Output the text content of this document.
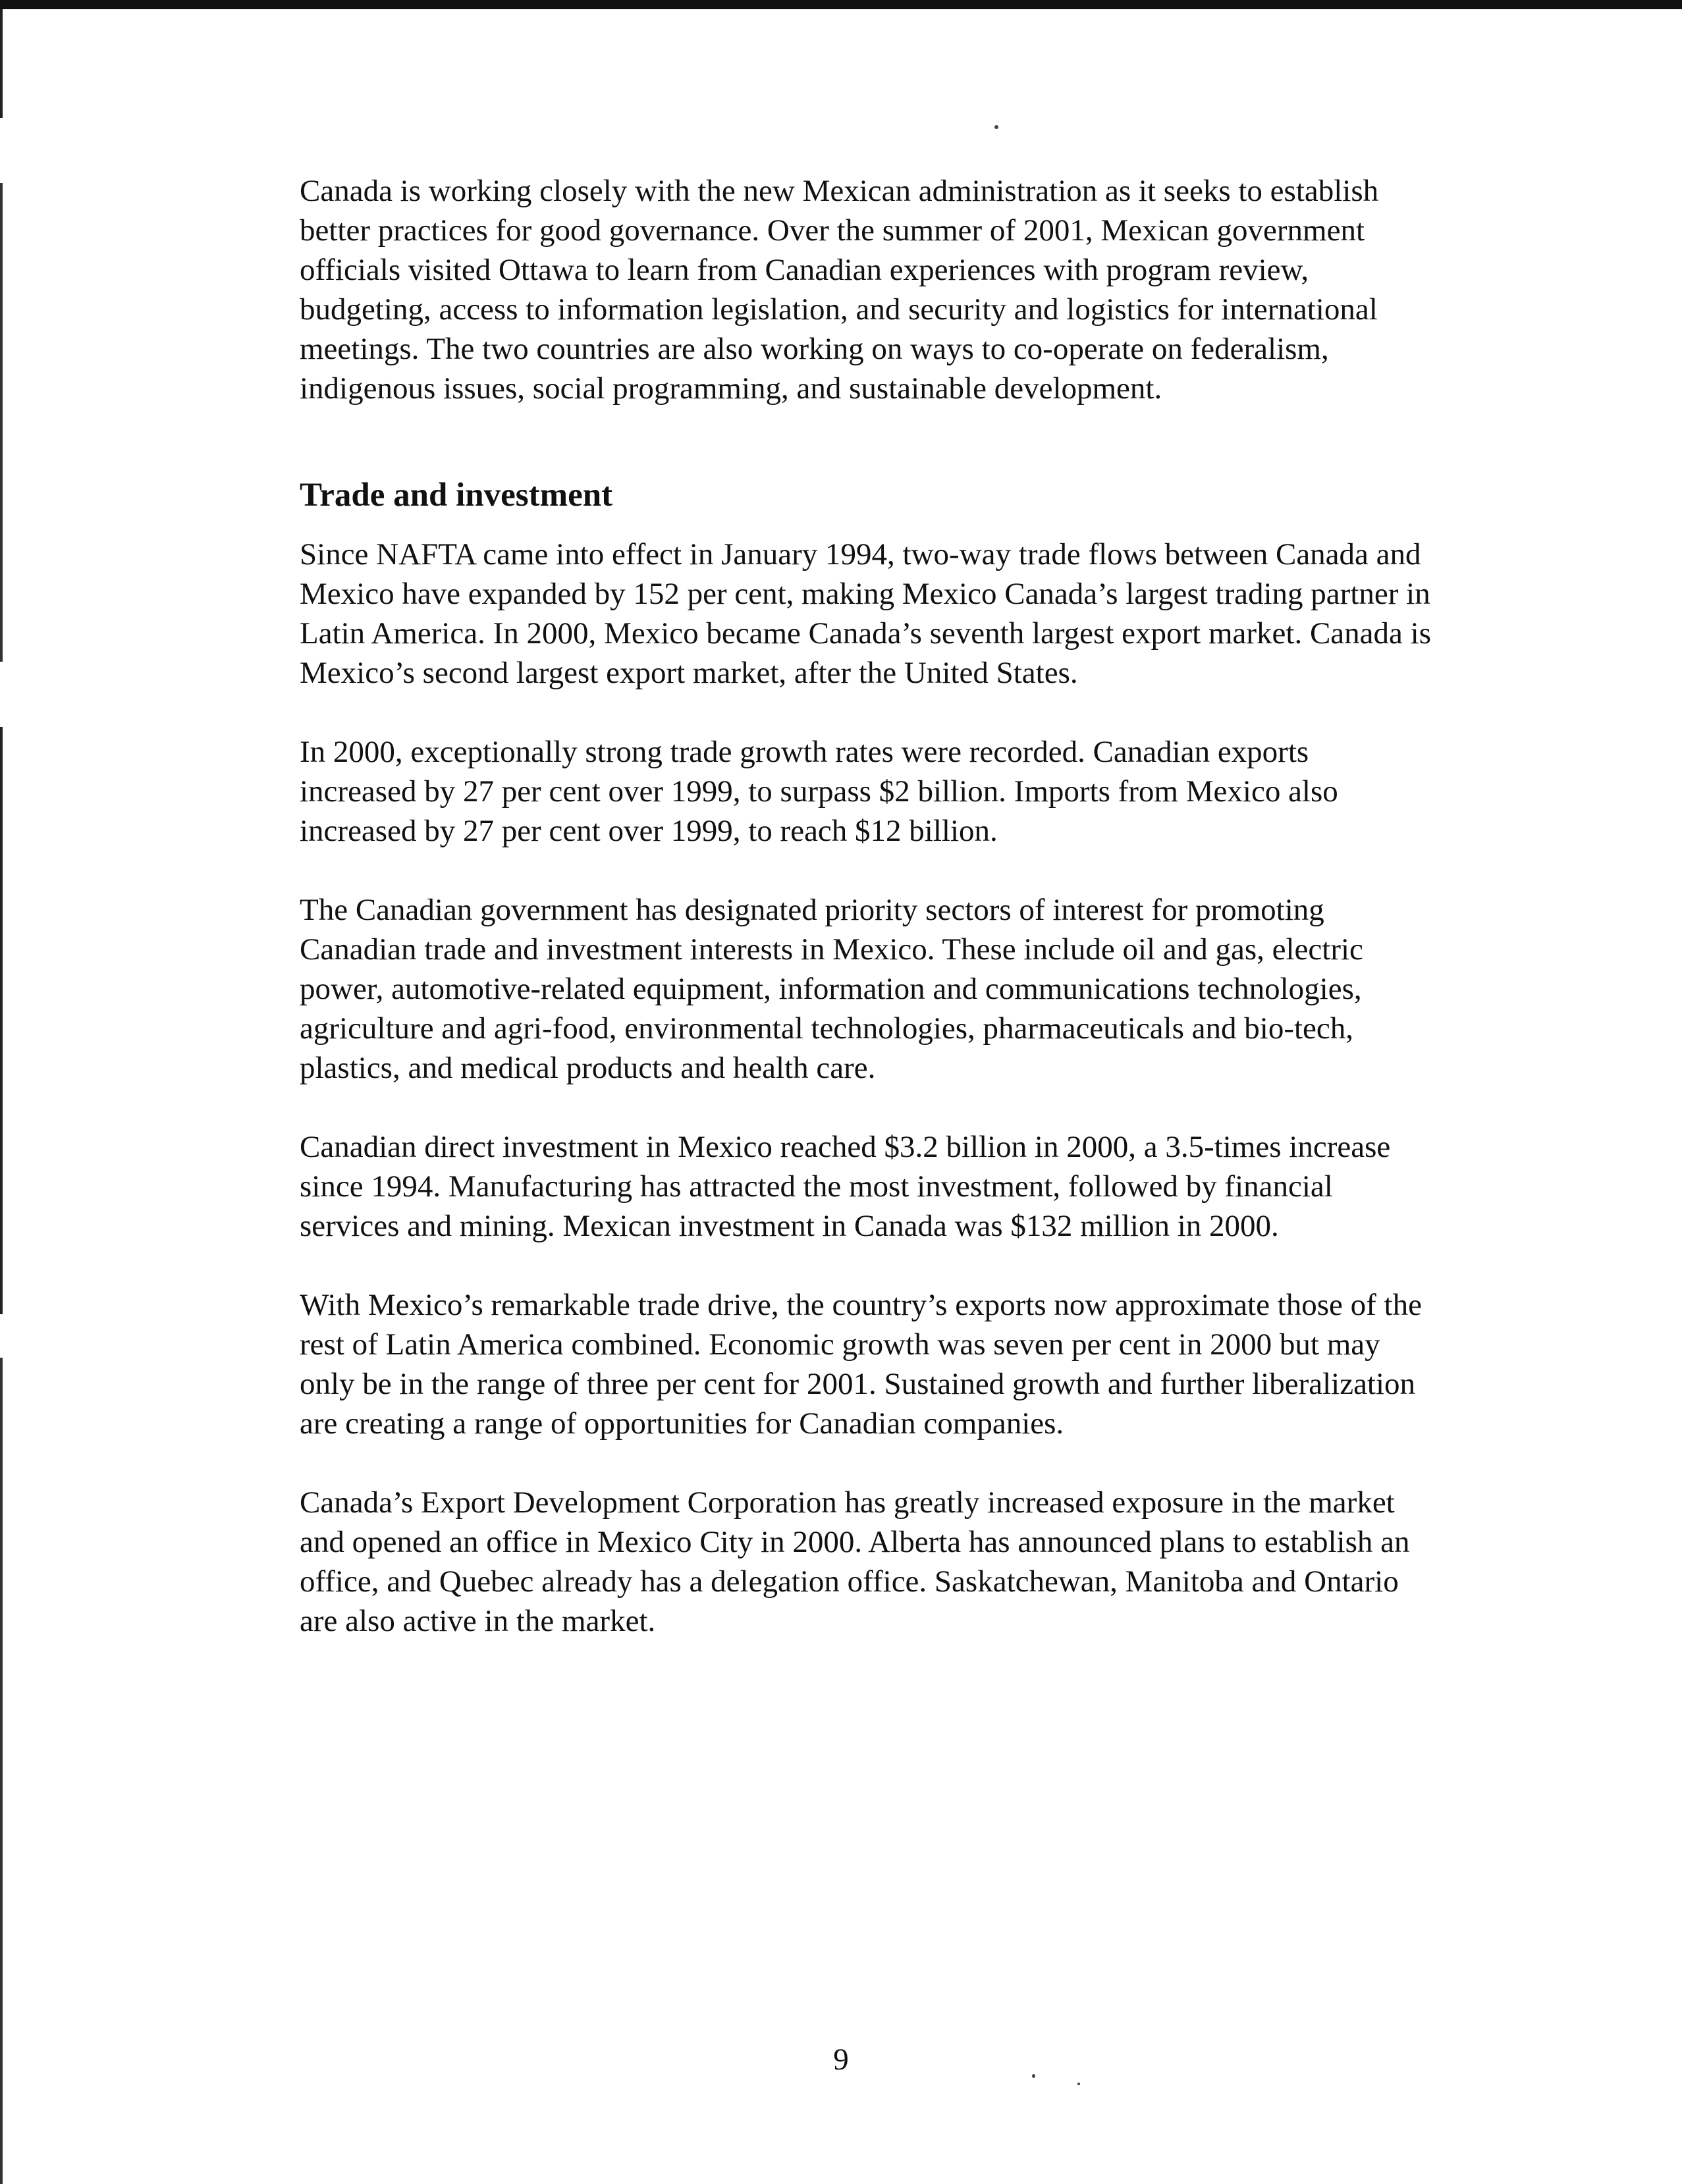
Canada is working closely with the new Mexican administration as it seeks to establish better practices for good governance. Over the summer of 2001, Mexican government officials visited Ottawa to learn from Canadian experiences with program review, budgeting, access to information legislation, and security and logistics for international meetings. The two countries are also working on ways to co-operate on federalism, indigenous issues, social programming, and sustainable development.

Trade and investment

Since NAFTA came into effect in January 1994, two-way trade flows between Canada and Mexico have expanded by 152 per cent, making Mexico Canada’s largest trading partner in Latin America. In 2000, Mexico became Canada’s seventh largest export market. Canada is Mexico’s second largest export market, after the United States.

In 2000, exceptionally strong trade growth rates were recorded. Canadian exports increased by 27 per cent over 1999, to surpass $2 billion. Imports from Mexico also increased by 27 per cent over 1999, to reach $12 billion.

The Canadian government has designated priority sectors of interest for promoting Canadian trade and investment interests in Mexico. These include oil and gas, electric power, automotive-related equipment, information and communications technologies, agriculture and agri-food, environmental technologies, pharmaceuticals and bio-tech, plastics, and medical products and health care.

Canadian direct investment in Mexico reached $3.2 billion in 2000, a 3.5-times increase since 1994. Manufacturing has attracted the most investment, followed by financial services and mining. Mexican investment in Canada was $132 million in 2000.

With Mexico’s remarkable trade drive, the country’s exports now approximate those of the rest of Latin America combined. Economic growth was seven per cent in 2000 but may only be in the range of three per cent for 2001. Sustained growth and further liberalization are creating a range of opportunities for Canadian companies.

Canada’s Export Development Corporation has greatly increased exposure in the market and opened an office in Mexico City in 2000. Alberta has announced plans to establish an office, and Quebec already has a delegation office. Saskatchewan, Manitoba and Ontario are also active in the market.

9
